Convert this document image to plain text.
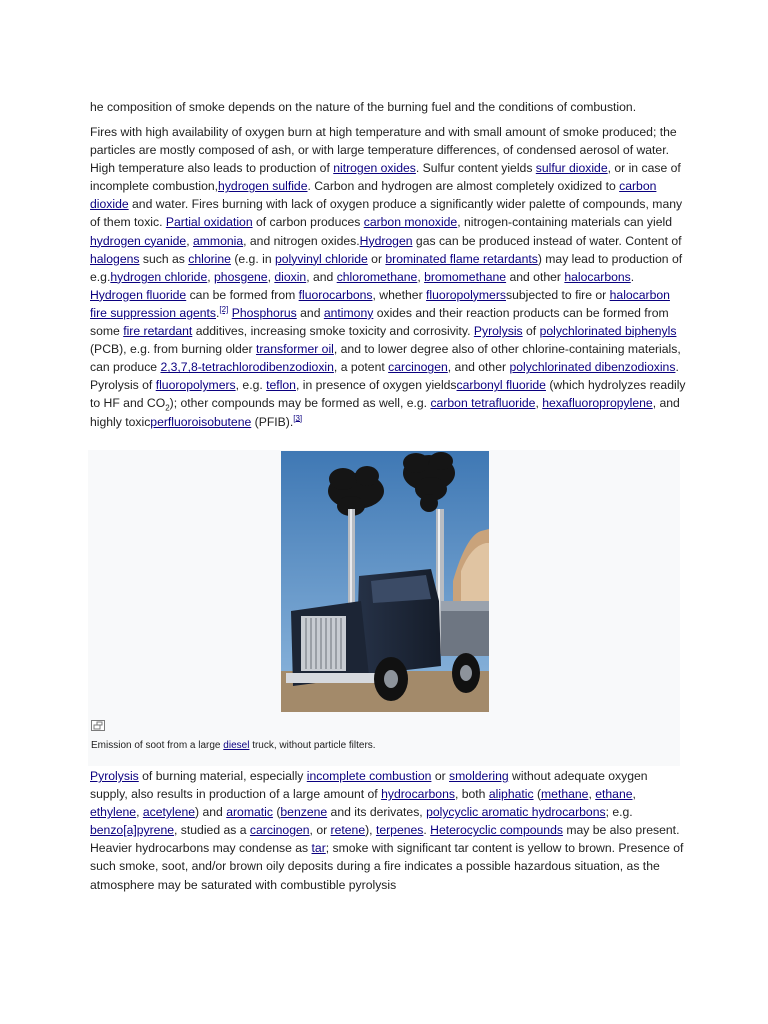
he composition of smoke depends on the nature of the burning fuel and the conditions of combustion.

Fires with high availability of oxygen burn at high temperature and with small amount of smoke produced; the particles are mostly composed of ash, or with large temperature differences, of condensed aerosol of water. High temperature also leads to production of nitrogen oxides. Sulfur content yields sulfur dioxide, or in case of incomplete combustion,hydrogen sulfide. Carbon and hydrogen are almost completely oxidized to carbon dioxide and water. Fires burning with lack of oxygen produce a significantly wider palette of compounds, many of them toxic. Partial oxidation of carbon produces carbon monoxide, nitrogen-containing materials can yield hydrogen cyanide, ammonia, and nitrogen oxides.Hydrogen gas can be produced instead of water. Content of halogens such as chlorine (e.g. in polyvinyl chloride or brominated flame retardants) may lead to production of e.g.hydrogen chloride, phosgene, dioxin, and chloromethane, bromomethane and other halocarbons. Hydrogen fluoride can be formed from fluorocarbons, whether fluoropolymerssubjected to fire or halocarbon fire suppression agents.[2] Phosphorus and antimony oxides and their reaction products can be formed from some fire retardant additives, increasing smoke toxicity and corrosivity. Pyrolysis of polychlorinated biphenyls (PCB), e.g. from burning older transformer oil, and to lower degree also of other chlorine-containing materials, can produce 2,3,7,8-tetrachlorodibenzodioxin, a potent carcinogen, and other polychlorinated dibenzodioxins. Pyrolysis of fluoropolymers, e.g. teflon, in presence of oxygen yieldscarbonyl fluoride (which hydrolyzes readily to HF and $CO_2$); other compounds may be formed as well, e.g. carbon tetrafluoride, hexafluoropropylene, and highly toxicperfluoroisobutene (PFIB).[3]

Emission of soot from a large diesel truck, without particle filters.

Pyrolysis of burning material, especially incomplete combustion or smoldering without adequate oxygen supply, also results in production of a large amount of hydrocarbons, both aliphatic (methane, ethane, ethylene, acetylene) and aromatic (benzene and its derivates, polycyclic aromatic hydrocarbons; e.g. benzo[a]pyrene, studied as a carcinogen, or retene), terpenes. Heterocyclic compounds may be also present. Heavier hydrocarbons may condense as tar; smoke with significant tar content is yellow to brown. Presence of such smoke, soot, and/or brown oily deposits during a fire indicates a possible hazardous situation, as the atmosphere may be saturated with combustible pyrolysis
